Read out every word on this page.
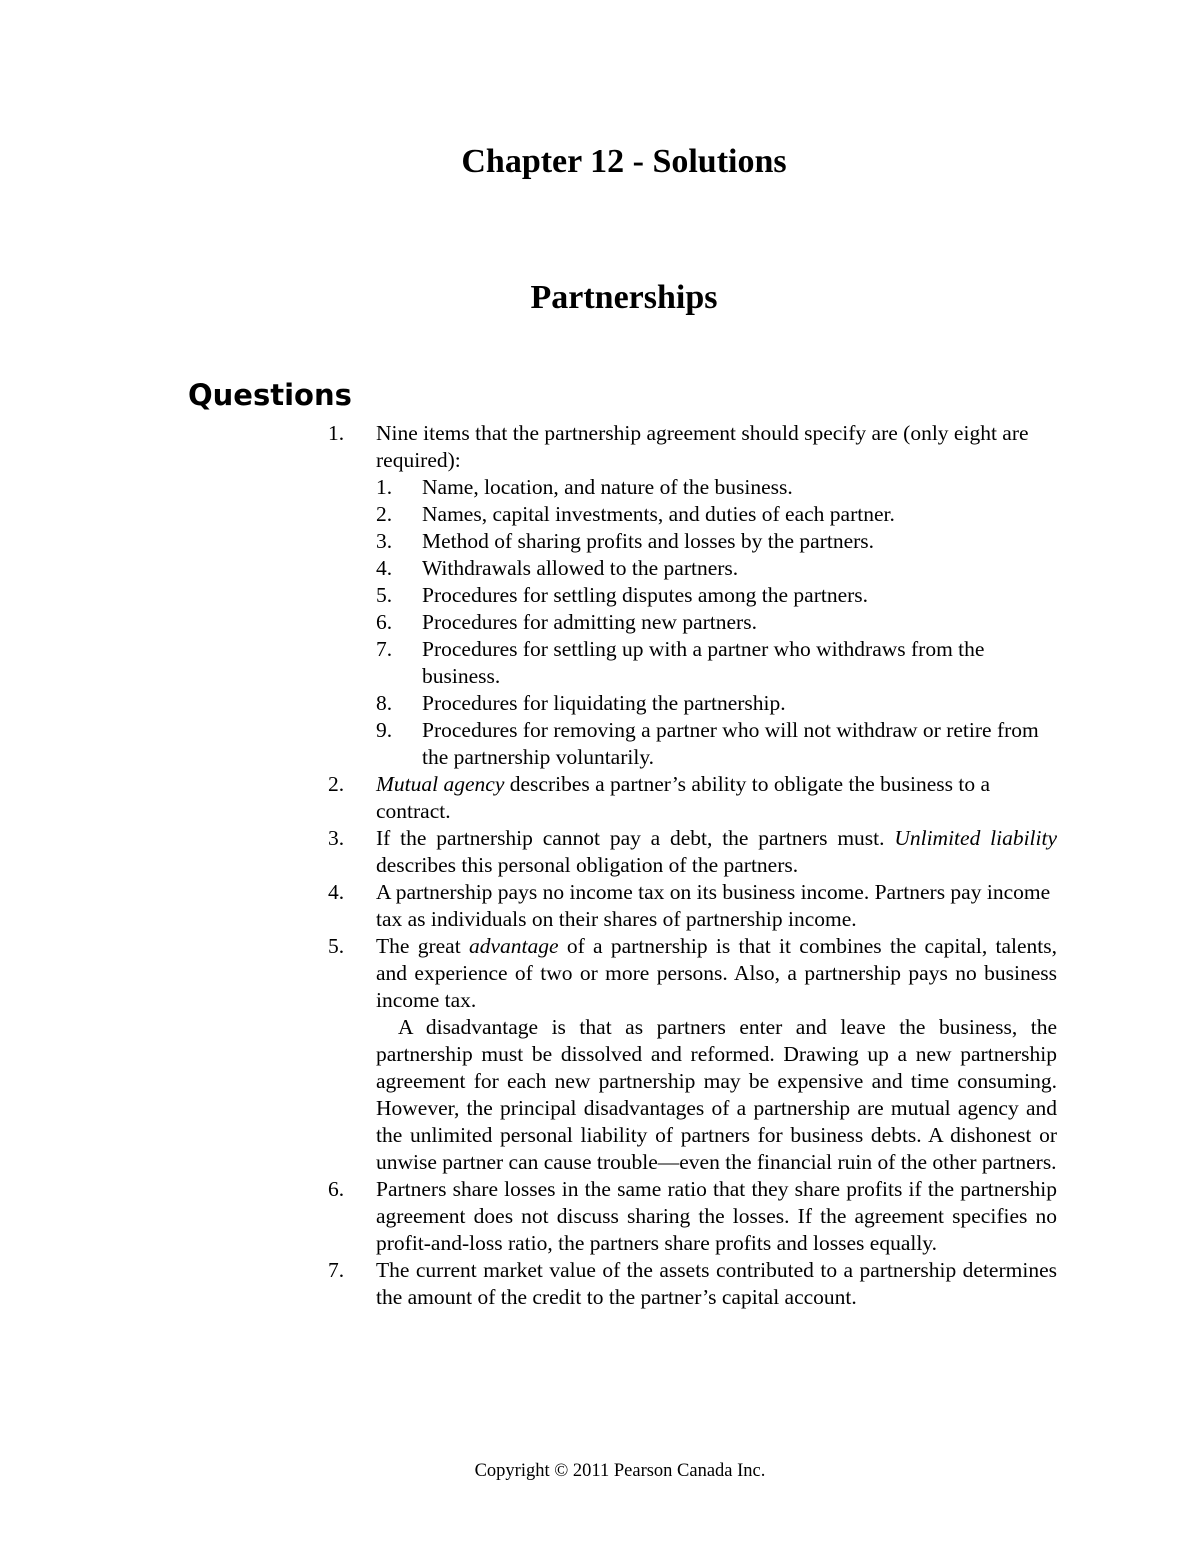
Chapter 12 - Solutions
Partnerships
Questions
1.	Nine items that the partnership agreement should specify are (only eight are required):
1.	Name, location, and nature of the business.
2.	Names, capital investments, and duties of each partner.
3.	Method of sharing profits and losses by the partners.
4.	Withdrawals allowed to the partners.
5.	Procedures for settling disputes among the partners.
6.	Procedures for admitting new partners.
7.	Procedures for settling up with a partner who withdraws from the business.
8.	Procedures for liquidating the partnership.
9.	Procedures for removing a partner who will not withdraw or retire from the partnership voluntarily.
2.	Mutual agency describes a partner’s ability to obligate the business to a contract.
3.	If the partnership cannot pay a debt, the partners must. Unlimited liability describes this personal obligation of the partners.
4.	A partnership pays no income tax on its business income. Partners pay income tax as individuals on their shares of partnership income.
5.	The great advantage of a partnership is that it combines the capital, talents, and experience of two or more persons. Also, a partnership pays no business income tax.
A disadvantage is that as partners enter and leave the business, the partnership must be dissolved and reformed. Drawing up a new partnership agreement for each new partnership may be expensive and time consuming. However, the principal disadvantages of a partnership are mutual agency and the unlimited personal liability of partners for business debts. A dishonest or unwise partner can cause trouble—even the financial ruin of the other partners.
6.	Partners share losses in the same ratio that they share profits if the partnership agreement does not discuss sharing the losses. If the agreement specifies no profit-and-loss ratio, the partners share profits and losses equally.
7.	The current market value of the assets contributed to a partnership determines the amount of the credit to the partner’s capital account.
Copyright © 2011 Pearson Canada Inc.
